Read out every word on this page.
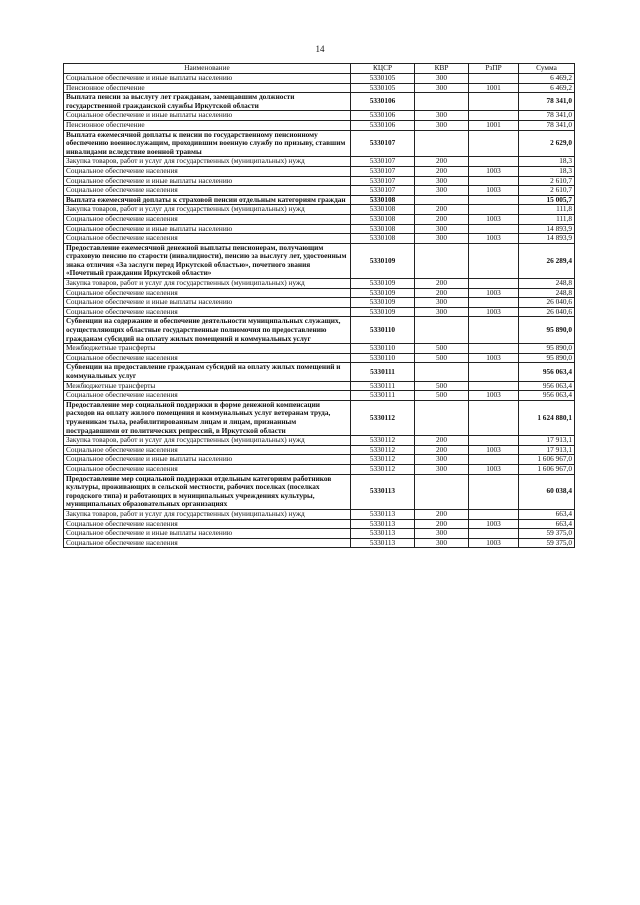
14
Наименование	КЦСР	КВР	РзПР	Сумма
Социальное обеспечение и иные выплаты населению	5330105	300		6 469,2
Пенсионное обеспечение	5330105	300	1001	6 469,2
Выплата пенсии за выслугу лет гражданам, замещавшим должности государственной гражданской службы Иркутской области	5330106			78 341,0
Социальное обеспечение и иные выплаты населению	5330106	300		78 341,0
Пенсионное обеспечение	5330106	300	1001	78 341,0
Выплата ежемесячной доплаты к пенсии по государственному пенсионному обеспечению военнослужащим, проходившим военную службу по призыву, ставшим инвалидами вследствие военной травмы	5330107			2 629,0
Закупка товаров, работ и услуг для государственных (муниципальных) нужд	5330107	200		18,3
Социальное обеспечение населения	5330107	200	1003	18,3
Социальное обеспечение и иные выплаты населению	5330107	300		2 610,7
Социальное обеспечение населения	5330107	300	1003	2 610,7
Выплата ежемесячной доплаты к страховой пенсии отдельным категориям граждан	5330108			15 005,7
Закупка товаров, работ и услуг для государственных (муниципальных) нужд	5330108	200		111,8
Социальное обеспечение населения	5330108	200	1003	111,8
Социальное обеспечение и иные выплаты населению	5330108	300		14 893,9
Социальное обеспечение населения	5330108	300	1003	14 893,9
Предоставление ежемесячной денежной выплаты пенсионерам, получающим страховую пенсию по старости (инвалидности), пенсию за выслугу лет, удостоенным знака отличия «За заслуги перед Иркутской областью», почетного звания «Почетный гражданин Иркутской области»	5330109			26 289,4
Закупка товаров, работ и услуг для государственных (муниципальных) нужд	5330109	200		248,8
Социальное обеспечение населения	5330109	200	1003	248,8
Социальное обеспечение и иные выплаты населению	5330109	300		26 040,6
Социальное обеспечение населения	5330109	300	1003	26 040,6
Субвенции на содержание и обеспечение деятельности муниципальных служащих, осуществляющих областные государственные полномочия по предоставлению гражданам субсидий на оплату жилых помещений и коммунальных услуг	5330110			95 890,0
Межбюджетные трансферты	5330110	500		95 890,0
Социальное обеспечение населения	5330110	500	1003	95 890,0
Субвенции на предоставление гражданам субсидий на оплату жилых помещений и коммунальных услуг	5330111			956 063,4
Межбюджетные трансферты	5330111	500		956 063,4
Социальное обеспечение населения	5330111	500	1003	956 063,4
Предоставление мер социальной поддержки в форме денежной компенсации расходов на оплату жилого помещения и коммунальных услуг ветеранам труда, труженикам тыла, реабилитированным лицам и лицам, признанным пострадавшими от политических репрессий, в Иркутской области	5330112			1 624 880,1
Закупка товаров, работ и услуг для государственных (муниципальных) нужд	5330112	200		17 913,1
Социальное обеспечение населения	5330112	200	1003	17 913,1
Социальное обеспечение и иные выплаты населению	5330112	300		1 606 967,0
Социальное обеспечение населения	5330112	300	1003	1 606 967,0
Предоставление мер социальной поддержки отдельным категориям работников культуры, проживающих в сельской местности, рабочих поселках (поселках городского типа) и работающих в муниципальных учреждениях культуры, муниципальных образовательных организациях	5330113			60 038,4
Закупка товаров, работ и услуг для государственных (муниципальных) нужд	5330113	200		663,4
Социальное обеспечение населения	5330113	200	1003	663,4
Социальное обеспечение и иные выплаты населению	5330113	300		59 375,0
Социальное обеспечение населения	5330113	300	1003	59 375,0
